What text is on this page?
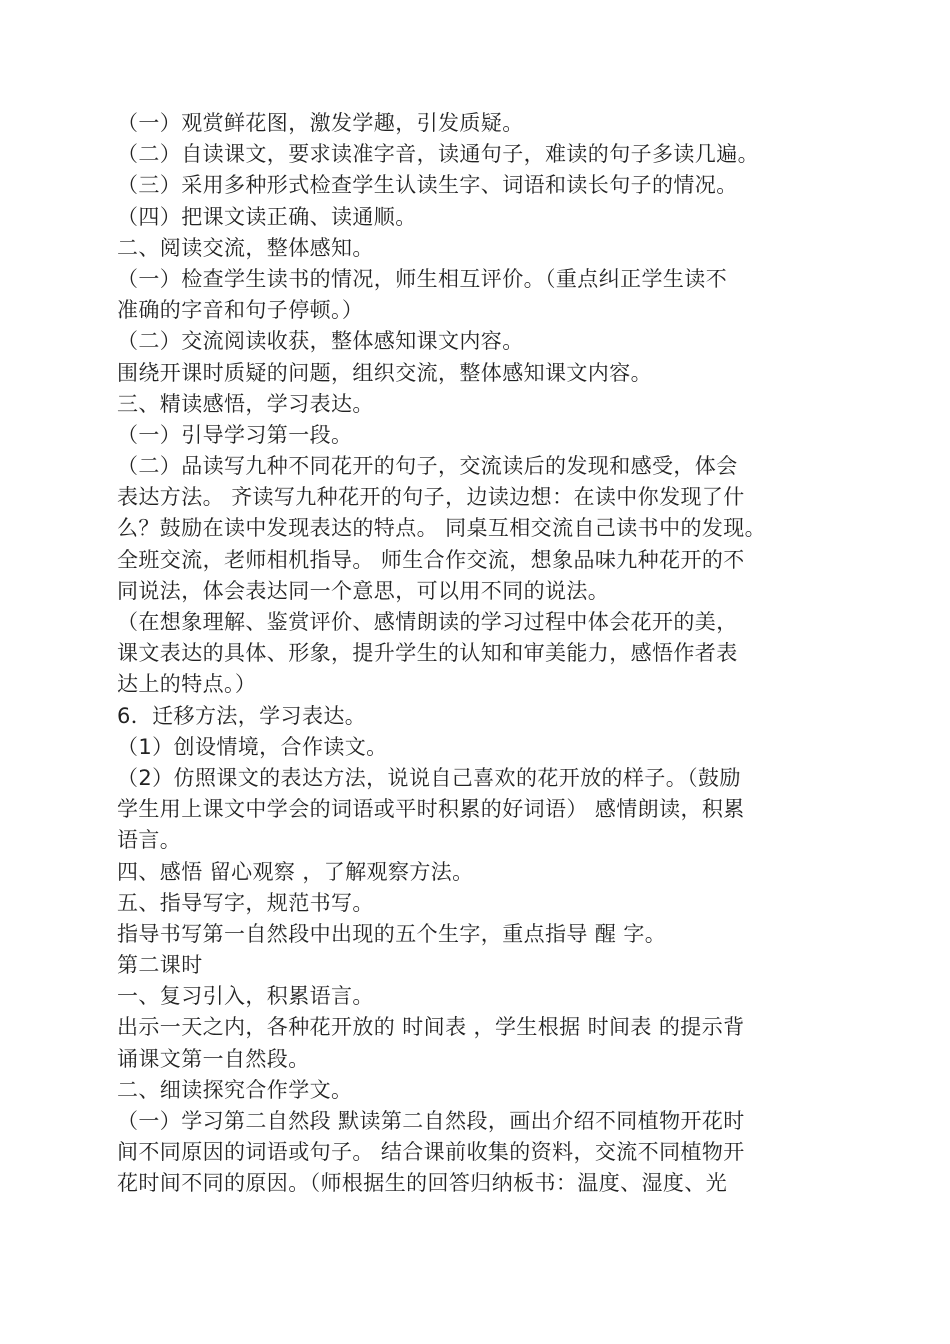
（一）观赏鲜花图，激发学趣，引发质疑。
（二）自读课文，要求读准字音，读通句子，难读的句子多读几遍。
（三）采用多种形式检查学生认读生字、词语和读长句子的情况。
（四）把课文读正确、读通顺。
二、阅读交流，整体感知。
（一）检查学生读书的情况，师生相互评价。（重点纠正学生读不
准确的字音和句子停顿。）
（二）交流阅读收获，整体感知课文内容。
围绕开课时质疑的问题，组织交流，整体感知课文内容。
三、精读感悟，学习表达。
（一）引导学习第一段。
（二）品读写九种不同花开的句子，交流读后的发现和感受，体会
表达方法。 齐读写九种花开的句子，边读边想：在读中你发现了什
么？鼓励在读中发现表达的特点。 同桌互相交流自己读书中的发现。
全班交流，老师相机指导。 师生合作交流，想象品味九种花开的不
同说法，体会表达同一个意思，可以用不同的说法。
（在想象理解、鉴赏评价、感情朗读的学习过程中体会花开的美，
课文表达的具体、形象，提升学生的认知和审美能力，感悟作者表
达上的特点。）
6．迁移方法，学习表达。
（1）创设情境，合作读文。
（2）仿照课文的表达方法，说说自己喜欢的花开放的样子。（鼓励
学生用上课文中学会的词语或平时积累的好词语） 感情朗读，积累
语言。
四、感悟 留心观察 ，了解观察方法。
五、指导写字，规范书写。
指导书写第一自然段中出现的五个生字，重点指导 醒 字。
第二课时
一、复习引入，积累语言。
出示一天之内，各种花开放的 时间表 ，学生根据 时间表 的提示背
诵课文第一自然段。
二、细读探究合作学文。
（一）学习第二自然段 默读第二自然段，画出介绍不同植物开花时
间不同原因的词语或句子。 结合课前收集的资料，交流不同植物开
花时间不同的原因。（师根据生的回答归纳板书：温度、湿度、光
